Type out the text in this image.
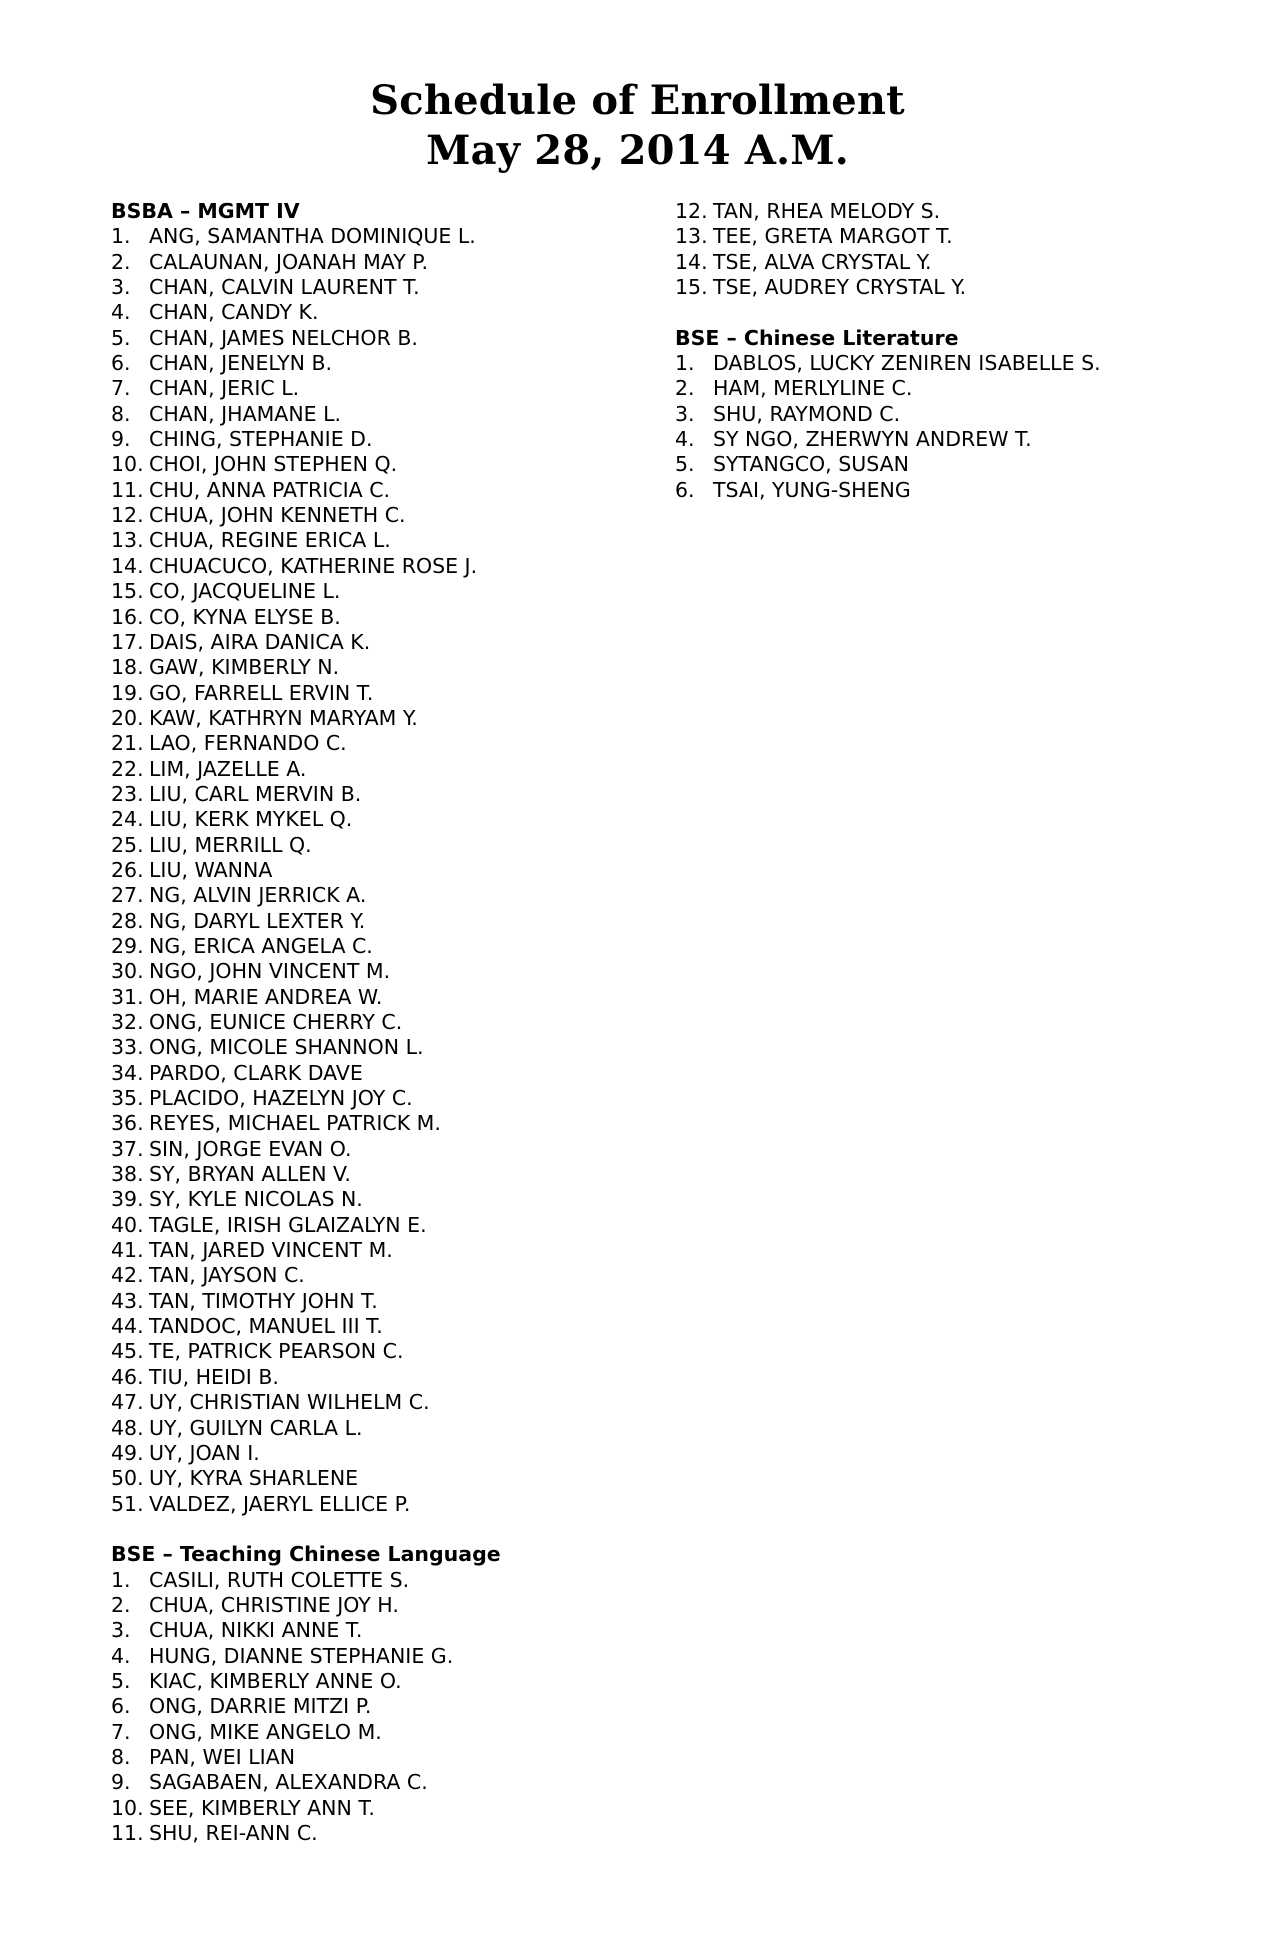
Schedule of Enrollment
May 28, 2014 A.M.
BSBA – MGMT IV
1. ANG, SAMANTHA DOMINIQUE L.
2. CALAUNAN, JOANAH MAY P.
3. CHAN, CALVIN LAURENT T.
4. CHAN, CANDY K.
5. CHAN, JAMES NELCHOR B.
6. CHAN, JENELYN B.
7. CHAN, JERIC L.
8. CHAN, JHAMANE L.
9. CHING, STEPHANIE D.
10. CHOI, JOHN STEPHEN Q.
11. CHU, ANNA PATRICIA C.
12. CHUA, JOHN KENNETH C.
13. CHUA, REGINE ERICA L.
14. CHUACUCO, KATHERINE ROSE J.
15. CO, JACQUELINE L.
16. CO, KYNA ELYSE B.
17. DAIS, AIRA DANICA K.
18. GAW, KIMBERLY N.
19. GO, FARRELL ERVIN T.
20. KAW, KATHRYN MARYAM Y.
21. LAO, FERNANDO C.
22. LIM, JAZELLE A.
23. LIU, CARL MERVIN B.
24. LIU, KERK MYKEL Q.
25. LIU, MERRILL Q.
26. LIU, WANNA
27. NG, ALVIN JERRICK A.
28. NG, DARYL LEXTER Y.
29. NG, ERICA ANGELA C.
30. NGO, JOHN VINCENT M.
31. OH, MARIE ANDREA W.
32. ONG, EUNICE CHERRY C.
33. ONG, MICOLE SHANNON L.
34. PARDO, CLARK DAVE
35. PLACIDO, HAZELYN JOY C.
36. REYES, MICHAEL PATRICK M.
37. SIN, JORGE EVAN O.
38. SY, BRYAN ALLEN V.
39. SY, KYLE NICOLAS N.
40. TAGLE, IRISH GLAIZALYN E.
41. TAN, JARED VINCENT M.
42. TAN, JAYSON C.
43. TAN, TIMOTHY JOHN T.
44. TANDOC, MANUEL III T.
45. TE, PATRICK PEARSON C.
46. TIU, HEIDI B.
47. UY, CHRISTIAN WILHELM C.
48. UY, GUILYN CARLA L.
49. UY, JOAN I.
50. UY, KYRA SHARLENE
51. VALDEZ, JAERYL ELLICE P.
BSE – Teaching Chinese Language
1. CASILI, RUTH COLETTE S.
2. CHUA, CHRISTINE JOY H.
3. CHUA, NIKKI ANNE T.
4. HUNG, DIANNE STEPHANIE G.
5. KIAC, KIMBERLY ANNE O.
6. ONG, DARRIE MITZI P.
7. ONG, MIKE ANGELO M.
8. PAN, WEI LIAN
9. SAGABAEN, ALEXANDRA C.
10. SEE, KIMBERLY ANN T.
11. SHU, REI-ANN C.
12. TAN, RHEA MELODY S.
13. TEE, GRETA MARGOT T.
14. TSE, ALVA CRYSTAL Y.
15. TSE, AUDREY CRYSTAL Y.
BSE – Chinese Literature
1. DABLOS, LUCKY ZENIREN ISABELLE S.
2. HAM, MERLYLINE C.
3. SHU, RAYMOND C.
4. SY NGO, ZHERWYN ANDREW T.
5. SYTANGCO, SUSAN
6. TSAI, YUNG-SHENG
